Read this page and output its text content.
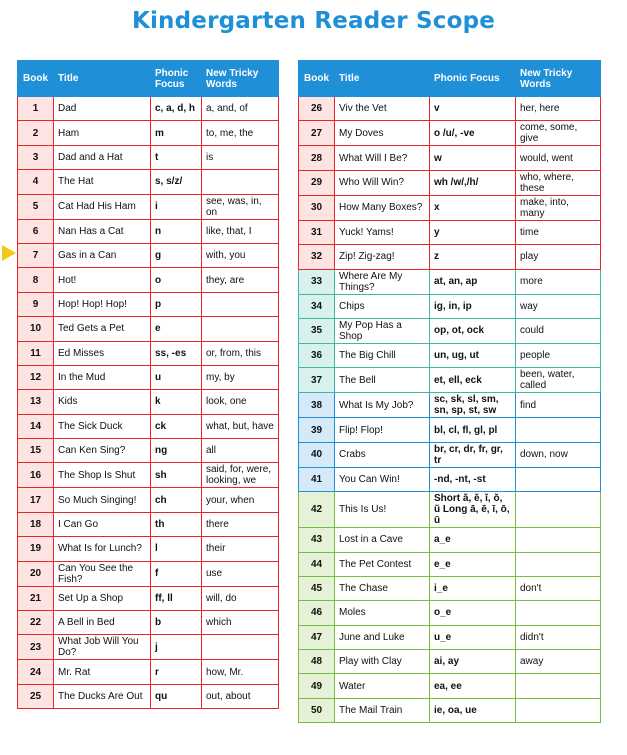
Kindergarten Reader Scope
Book	Title	Phonic Focus	New Tricky Words
1	Dad	c, a, d, h	a, and, of
2	Ham	m	to, me, the
3	Dad and a Hat	t	is
4	The Hat	s, s/z/	
5	Cat Had His Ham	i	see, was, in, on
6	Nan Has a Cat	n	like, that, I
7	Gas in a Can	g	with, you
8	Hot!	o	they, are
9	Hop! Hop! Hop!	p	
10	Ted Gets a Pet	e	
11	Ed Misses	ss, -es	or, from, this
12	In the Mud	u	my, by
13	Kids	k	look, one
14	The Sick Duck	ck	what, but, have
15	Can Ken Sing?	ng	all
16	The Shop Is Shut	sh	said, for, were, looking, we
17	So Much Singing!	ch	your, when
18	I Can Go	th	there
19	What Is for Lunch?	l	their
20	Can You See the Fish?	f	use
21	Set Up a Shop	ff, ll	will, do
22	A Bell in Bed	b	which
23	What Job Will You Do?	j	
24	Mr. Rat	r	how, Mr.
25	The Ducks Are Out	qu	out, about
Book	Title	Phonic Focus	New Tricky Words
26	Viv the Vet	v	her, here
27	My Doves	o /u/, -ve	come, some, give
28	What Will I Be?	w	would, went
29	Who Will Win?	wh /w/,/h/	who, where, these
30	How Many Boxes?	x	make, into, many
31	Yuck! Yams!	y	time
32	Zip! Zig-zag!	z	play
33	Where Are My Things?	at, an, ap	more
34	Chips	ig, in, ip	way
35	My Pop Has a Shop	op, ot, ock	could
36	The Big Chill	un, ug, ut	people
37	The Bell	et, ell, eck	been, water, called
38	What Is My Job?	sc, sk, sl, sm, sn, sp, st, sw	find
39	Flip! Flop!	bl, cl, fl, gl, pl	
40	Crabs	br, cr, dr, fr, gr, tr	down, now
41	You Can Win!	-nd, -nt, -st	
42	This Is Us!	Short ă, ĕ, ĭ, ŏ, ŭ Long ā, ē, ī, ō, ū	
43	Lost in a Cave	a_e	
44	The Pet Contest	e_e	
45	The Chase	i_e	don't
46	Moles	o_e	
47	June and Luke	u_e	didn't
48	Play with Clay	ai, ay	away
49	Water	ea, ee	
50	The Mail Train	ie, oa, ue	
